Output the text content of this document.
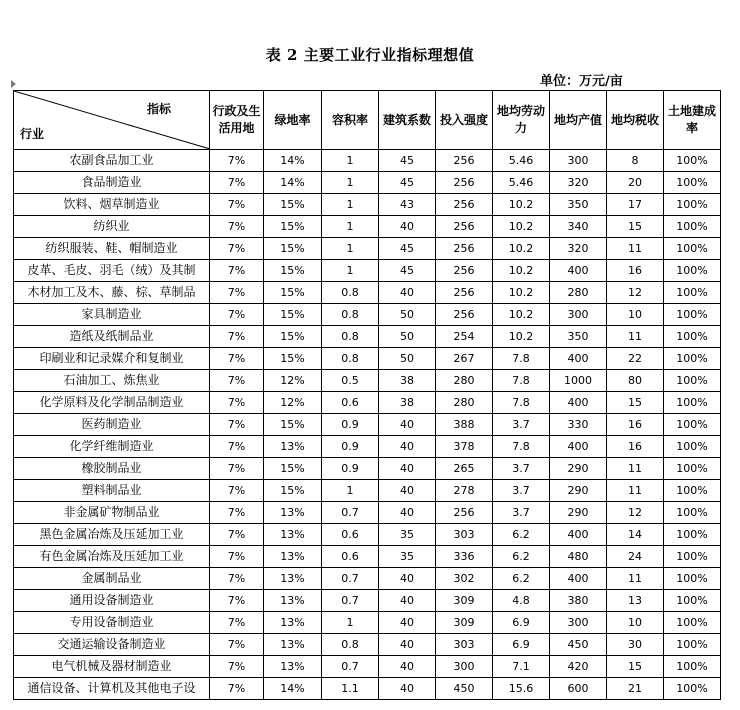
表 2 主要工业行业指标理想值
单位：万元/亩
指标
行业	行政及生活用地	绿地率	容积率	建筑系数	投入强度	地均劳动力	地均产值	地均税收	土地建成率
农副食品加工业	7%	14%	1	45	256	5.46	300	8	100%
食品制造业	7%	14%	1	45	256	5.46	320	20	100%
饮料、烟草制造业	7%	15%	1	43	256	10.2	350	17	100%
纺织业	7%	15%	1	40	256	10.2	340	15	100%
纺织服装、鞋、帽制造业	7%	15%	1	45	256	10.2	320	11	100%
皮革、毛皮、羽毛（绒）及其制	7%	15%	1	45	256	10.2	400	16	100%
木材加工及木、藤、棕、草制品	7%	15%	0.8	40	256	10.2	280	12	100%
家具制造业	7%	15%	0.8	50	256	10.2	300	10	100%
造纸及纸制品业	7%	15%	0.8	50	254	10.2	350	11	100%
印刷业和记录媒介和复制业	7%	15%	0.8	50	267	7.8	400	22	100%
石油加工、炼焦业	7%	12%	0.5	38	280	7.8	1000	80	100%
化学原料及化学制品制造业	7%	12%	0.6	38	280	7.8	400	15	100%
医药制造业	7%	15%	0.9	40	388	3.7	330	16	100%
化学纤维制造业	7%	13%	0.9	40	378	7.8	400	16	100%
橡胶制品业	7%	15%	0.9	40	265	3.7	290	11	100%
塑料制品业	7%	15%	1	40	278	3.7	290	11	100%
非金属矿物制品业	7%	13%	0.7	40	256	3.7	290	12	100%
黑色金属冶炼及压延加工业	7%	13%	0.6	35	303	6.2	400	14	100%
有色金属冶炼及压延加工业	7%	13%	0.6	35	336	6.2	480	24	100%
金属制品业	7%	13%	0.7	40	302	6.2	400	11	100%
通用设备制造业	7%	13%	0.7	40	309	4.8	380	13	100%
专用设备制造业	7%	13%	1	40	309	6.9	300	10	100%
交通运输设备制造业	7%	13%	0.8	40	303	6.9	450	30	100%
电气机械及器材制造业	7%	13%	0.7	40	300	7.1	420	15	100%
通信设备、计算机及其他电子设	7%	14%	1.1	40	450	15.6	600	21	100%
